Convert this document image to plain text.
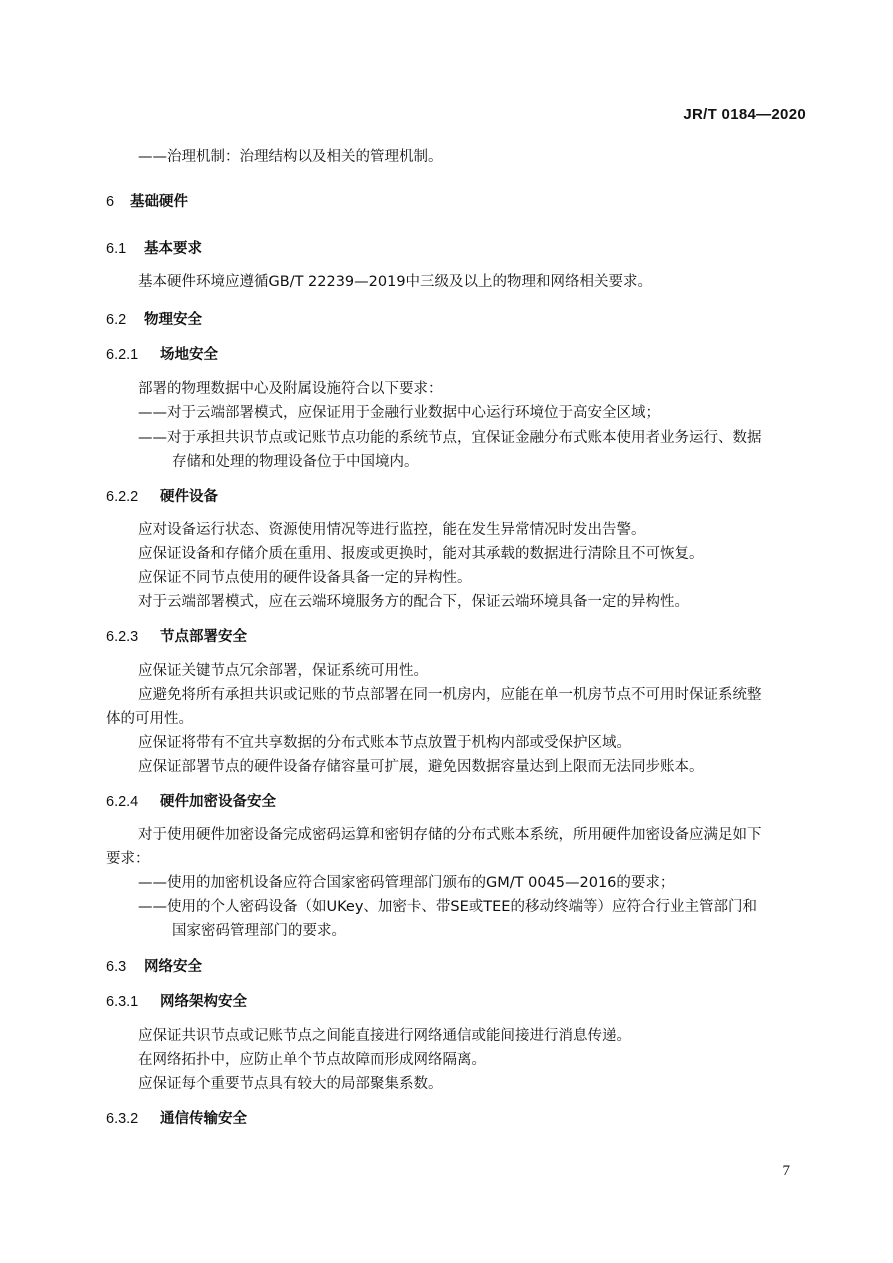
JR/T 0184—2020
——治理机制：治理结构以及相关的管理机制。
6 基础硬件
6.1 基本要求
基本硬件环境应遵循GB/T 22239—2019中三级及以上的物理和网络相关要求。
6.2 物理安全
6.2.1 场地安全
部署的物理数据中心及附属设施符合以下要求：
——对于云端部署模式，应保证用于金融行业数据中心运行环境位于高安全区域；
——对于承担共识节点或记账节点功能的系统节点，宜保证金融分布式账本使用者业务运行、数据
存储和处理的物理设备位于中国境内。
6.2.2 硬件设备
应对设备运行状态、资源使用情况等进行监控，能在发生异常情况时发出告警。
应保证设备和存储介质在重用、报废或更换时，能对其承载的数据进行清除且不可恢复。
应保证不同节点使用的硬件设备具备一定的异构性。
对于云端部署模式，应在云端环境服务方的配合下，保证云端环境具备一定的异构性。
6.2.3 节点部署安全
应保证关键节点冗余部署，保证系统可用性。
应避免将所有承担共识或记账的节点部署在同一机房内，应能在单一机房节点不可用时保证系统整
体的可用性。
应保证将带有不宜共享数据的分布式账本节点放置于机构内部或受保护区域。
应保证部署节点的硬件设备存储容量可扩展，避免因数据容量达到上限而无法同步账本。
6.2.4 硬件加密设备安全
对于使用硬件加密设备完成密码运算和密钥存储的分布式账本系统，所用硬件加密设备应满足如下
要求：
——使用的加密机设备应符合国家密码管理部门颁布的GM/T 0045—2016的要求；
——使用的个人密码设备（如UKey、加密卡、带SE或TEE的移动终端等）应符合行业主管部门和
国家密码管理部门的要求。
6.3 网络安全
6.3.1 网络架构安全
应保证共识节点或记账节点之间能直接进行网络通信或能间接进行消息传递。
在网络拓扑中，应防止单个节点故障而形成网络隔离。
应保证每个重要节点具有较大的局部聚集系数。
6.3.2 通信传输安全
7
